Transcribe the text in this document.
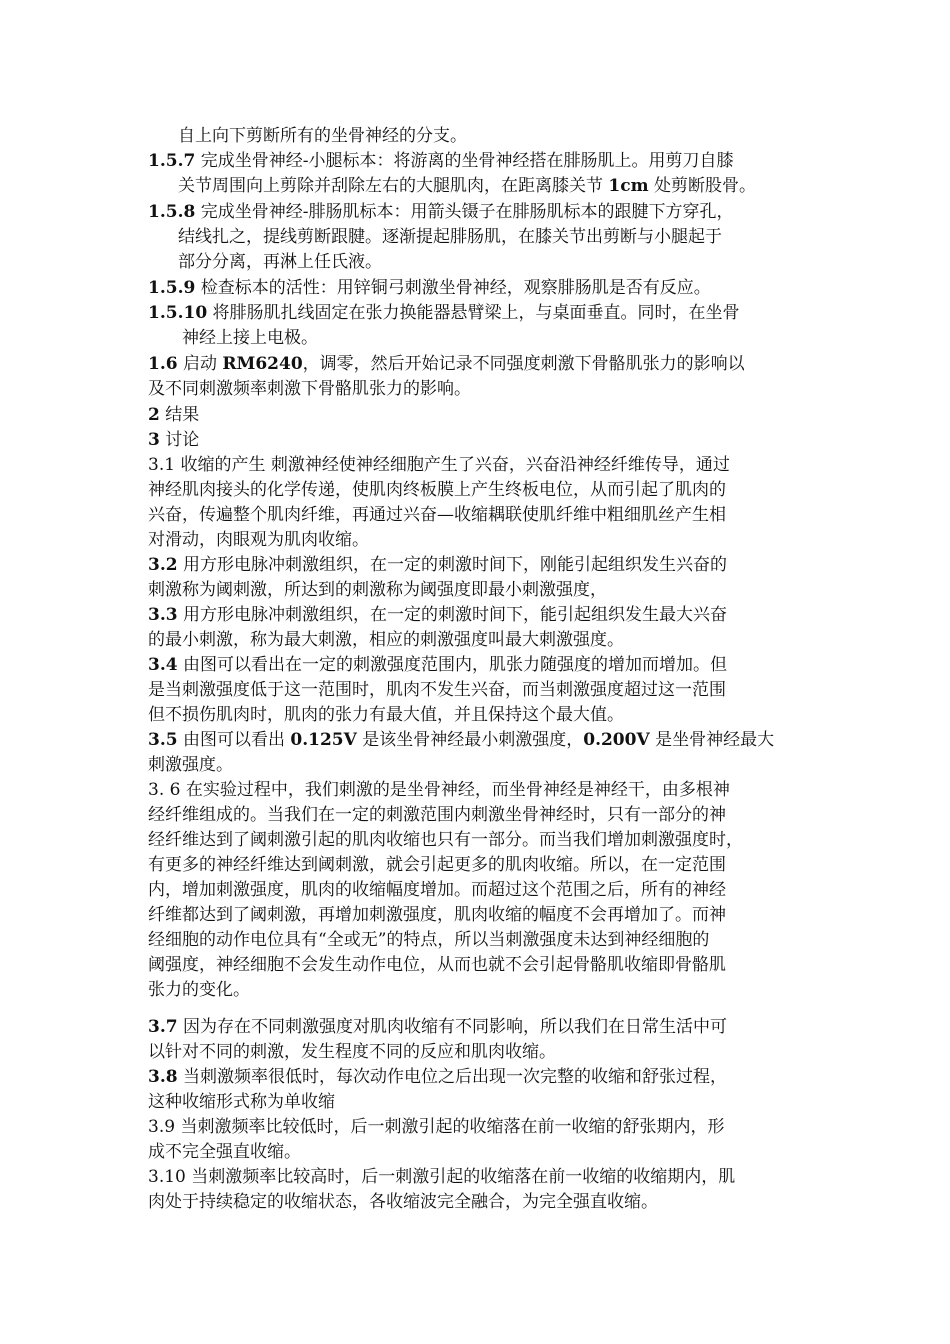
自上向下剪断所有的坐骨神经的分支。
1.5.7 完成坐骨神经-小腿标本：将游离的坐骨神经搭在腓肠肌上。用剪刀自膝
关节周围向上剪除并刮除左右的大腿肌肉，在距离膝关节 1cm 处剪断股骨。
1.5.8 完成坐骨神经-腓肠肌标本：用箭头镊子在腓肠肌标本的跟腱下方穿孔，
结线扎之，提线剪断跟腱。逐渐提起腓肠肌，在膝关节出剪断与小腿起于
部分分离，再淋上任氏液。
1.5.9 检查标本的活性：用锌铜弓刺激坐骨神经，观察腓肠肌是否有反应。
1.5.10 将腓肠肌扎线固定在张力换能器悬臂梁上，与桌面垂直。同时，在坐骨
神经上接上电极。
1.6 启动 RM6240，调零，然后开始记录不同强度刺激下骨骼肌张力的影响以
及不同刺激频率刺激下骨骼肌张力的影响。
2 结果
3 讨论
3.1 收缩的产生 刺激神经使神经细胞产生了兴奋，兴奋沿神经纤维传导，通过
神经肌肉接头的化学传递，使肌肉终板膜上产生终板电位，从而引起了肌肉的
兴奋，传遍整个肌肉纤维，再通过兴奋—收缩耦联使肌纤维中粗细肌丝产生相
对滑动，肉眼观为肌肉收缩。
3.2 用方形电脉冲刺激组织，在一定的刺激时间下，刚能引起组织发生兴奋的
刺激称为阈刺激，所达到的刺激称为阈强度即最小刺激强度，
3.3 用方形电脉冲刺激组织，在一定的刺激时间下，能引起组织发生最大兴奋
的最小刺激，称为最大刺激，相应的刺激强度叫最大刺激强度。
3.4 由图可以看出在一定的刺激强度范围内，肌张力随强度的增加而增加。但
是当刺激强度低于这一范围时，肌肉不发生兴奋，而当刺激强度超过这一范围
但不损伤肌肉时，肌肉的张力有最大值，并且保持这个最大值。
3.5 由图可以看出 0.125V 是该坐骨神经最小刺激强度，0.200V 是坐骨神经最大
刺激强度。
3. 6 在实验过程中，我们刺激的是坐骨神经，而坐骨神经是神经干，由多根神
经纤维组成的。当我们在一定的刺激范围内刺激坐骨神经时，只有一部分的神
经纤维达到了阈刺激引起的肌肉收缩也只有一部分。而当我们增加刺激强度时，
有更多的神经纤维达到阈刺激，就会引起更多的肌肉收缩。所以，在一定范围
内，增加刺激强度，肌肉的收缩幅度增加。而超过这个范围之后，所有的神经
纤维都达到了阈刺激，再增加刺激强度，肌肉收缩的幅度不会再增加了。而神
经细胞的动作电位具有“全或无”的特点，所以当刺激强度未达到神经细胞的
阈强度，神经细胞不会发生动作电位，从而也就不会引起骨骼肌收缩即骨骼肌
张力的变化。
3.7 因为存在不同刺激强度对肌肉收缩有不同影响，所以我们在日常生活中可
以针对不同的刺激，发生程度不同的反应和肌肉收缩。
3.8 当刺激频率很低时，每次动作电位之后出现一次完整的收缩和舒张过程，
这种收缩形式称为单收缩
3.9 当刺激频率比较低时，后一刺激引起的收缩落在前一收缩的舒张期内，形
成不完全强直收缩。
3.10 当刺激频率比较高时，后一刺激引起的收缩落在前一收缩的收缩期内，肌
肉处于持续稳定的收缩状态，各收缩波完全融合，为完全强直收缩。
